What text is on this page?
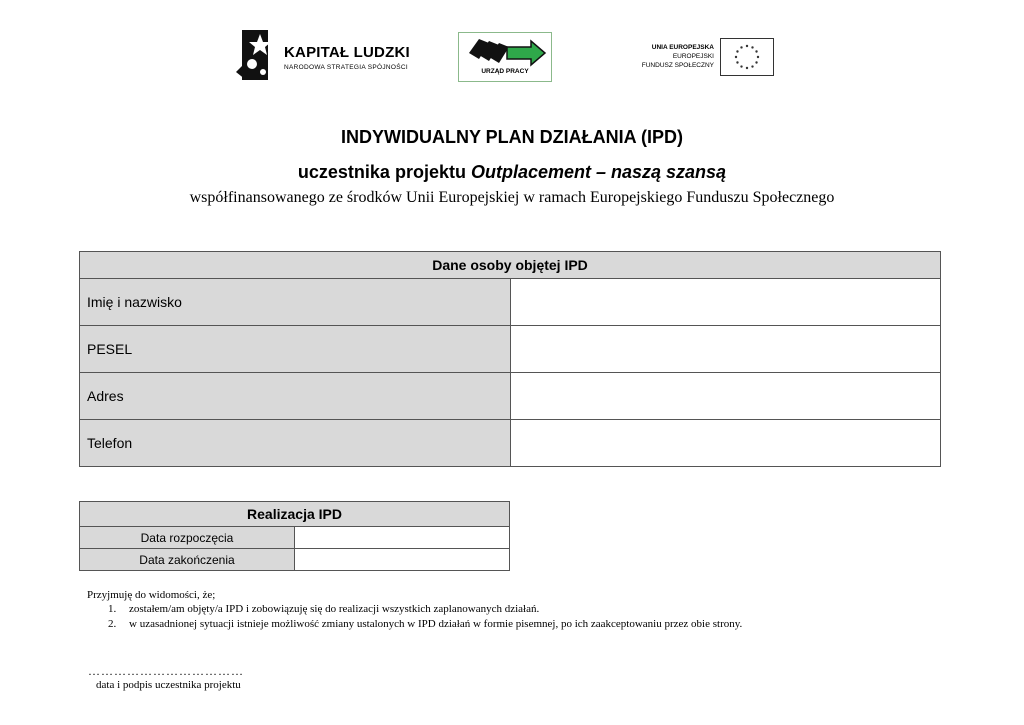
KAPITAŁ LUDZKI
NARODOWA STRATEGIA SPÓJNOŚCI
URZĄD PRACY
UNIA EUROPEJSKA
EUROPEJSKI
FUNDUSZ SPOŁECZNY
INDYWIDUALNY PLAN DZIAŁANIA (IPD)
uczestnika projektu Outplacement – naszą szansą
współfinansowanego ze środków Unii Europejskiej w ramach Europejskiego Funduszu Społecznego
Dane osoby objętej IPD	
Imię i nazwisko	
PESEL	
Adres	
Telefon	
Realizacja IPD	
Data rozpoczęcia	
Data zakończenia	
Przyjmuję do widomości, że;
1. zostałem/am objęty/a IPD i zobowiązuję się do realizacji wszystkich zaplanowanych działań.
2. w uzasadnionej sytuacji istnieje możliwość zmiany ustalonych w IPD działań w formie pisemnej, po ich zaakceptowaniu przez obie strony.
………………………………
data i podpis uczestnika projektu
